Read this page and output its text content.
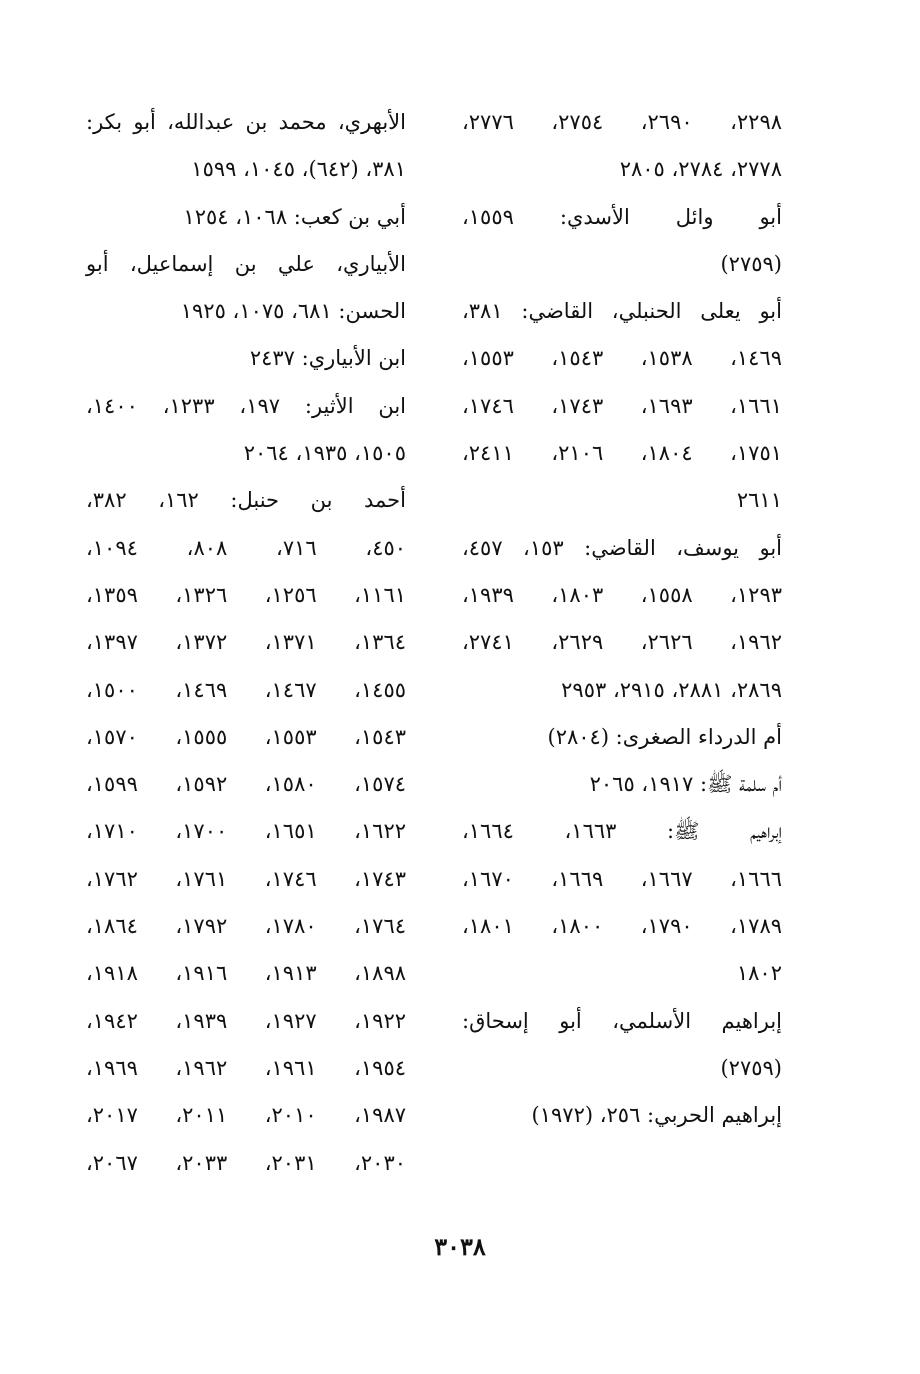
٢٢٩٨، ٢٦٩٠، ٢٧٥٤، ٢٧٧٦،
٢٧٧٨، ٢٧٨٤، ٢٨٠٥
أبو وائل الأسدي: ١٥٥٩،
(٢٧٥٩)
أبو يعلى الحنبلي، القاضي: ٣٨١،
١٤٦٩، ١٥٣٨، ١٥٤٣، ١٥٥٣،
١٦٦١، ١٦٩٣، ١٧٤٣، ١٧٤٦،
١٧٥١، ١٨٠٤، ٢١٠٦، ٢٤١١،
٢٦١١
أبو يوسف، القاضي: ١٥٣، ٤٥٧،
١٢٩٣، ١٥٥٨، ١٨٠٣، ١٩٣٩،
١٩٦٢، ٢٦٢٦، ٢٦٢٩، ٢٧٤١،
٢٨٦٩، ٢٨٨١، ٢٩١٥، ٢٩٥٣
أم الدرداء الصغرى: (٢٨٠٤)
أم سلمة ﷺ: ١٩١٧، ٢٠٦٥
إبراهيم ﷺ: ١٦٦٣، ١٦٦٤،
١٦٦٦، ١٦٦٧، ١٦٦٩، ١٦٧٠،
١٧٨٩، ١٧٩٠، ١٨٠٠، ١٨٠١،
١٨٠٢
إبراهيم الأسلمي، أبو إسحاق:
(٢٧٥٩)
إبراهيم الحربي: ٢٥٦، (١٩٧٢)
الأبهري، محمد بن عبدالله، أبو بكر:
٣٨١، (٦٤٢)، ١٠٤٥، ١٥٩٩
أبي بن كعب: ١٠٦٨، ١٢٥٤
الأبياري، علي بن إسماعيل، أبو
الحسن: ٦٨١، ١٠٧٥، ١٩٢٥
ابن الأبياري: ٢٤٣٧
ابن الأثير: ١٩٧، ١٢٣٣، ١٤٠٠،
١٥٠٥، ١٩٣٥، ٢٠٦٤
أحمد بن حنبل: ١٦٢، ٣٨٢،
٤٥٠، ٧١٦، ٨٠٨، ١٠٩٤،
١١٦١، ١٢٥٦، ١٣٢٦، ١٣٥٩،
١٣٦٤، ١٣٧١، ١٣٧٢، ١٣٩٧،
١٤٥٥، ١٤٦٧، ١٤٦٩، ١٥٠٠،
١٥٤٣، ١٥٥٣، ١٥٥٥، ١٥٧٠،
١٥٧٤، ١٥٨٠، ١٥٩٢، ١٥٩٩،
١٦٢٢، ١٦٥١، ١٧٠٠، ١٧١٠،
١٧٤٣، ١٧٤٦، ١٧٦١، ١٧٦٢،
١٧٦٤، ١٧٨٠، ١٧٩٢، ١٨٦٤،
١٨٩٨، ١٩١٣، ١٩١٦، ١٩١٨،
١٩٢٢، ١٩٢٧، ١٩٣٩، ١٩٤٢،
١٩٥٤، ١٩٦١، ١٩٦٢، ١٩٦٩،
١٩٨٧، ٢٠١٠، ٢٠١١، ٢٠١٧،
٢٠٣٠، ٢٠٣١، ٢٠٣٣، ٢٠٦٧،
٣٠٣٨
